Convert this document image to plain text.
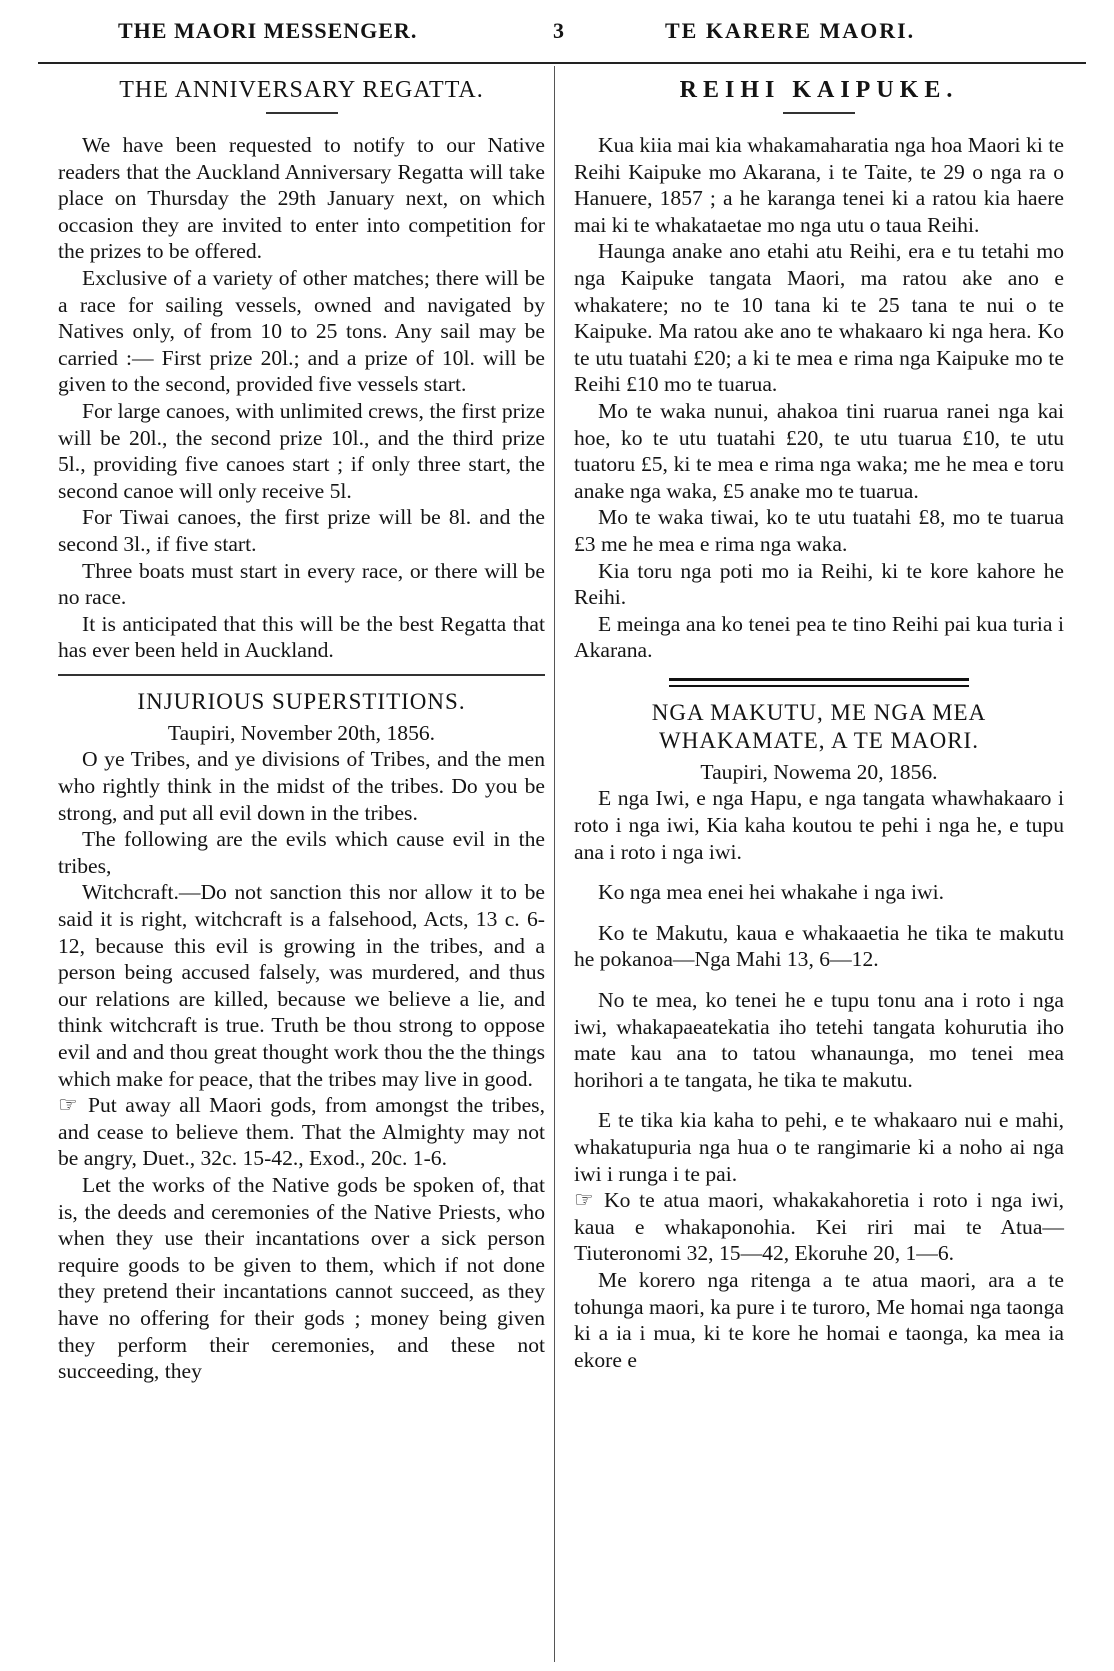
THE MAORI MESSENGER.	3	TE KARERE MAORI.
THE ANNIVERSARY REGATTA.

We have been requested to notify to our Native readers that the Auckland Anniversary Regatta will take place on Thursday the 29th January next, on which occasion they are invited to enter into competition for the prizes to be offered.

Exclusive of a variety of other matches; there will be a race for sailing vessels, owned and navigated by Natives only, of from 10 to 25 tons. Any sail may be carried :— First prize 20l.; and a prize of 10l. will be given to the second, provided five vessels start.

For large canoes, with unlimited crews, the first prize will be 20l., the second prize 10l., and the third prize 5l., providing five canoes start ; if only three start, the second canoe will only receive 5l.

For Tiwai canoes, the first prize will be 8l. and the second 3l., if five start.

Three boats must start in every race, or there will be no race.

It is anticipated that this will be the best Regatta that has ever been held in Auckland.

INJURIOUS SUPERSTITIONS.

Taupiri, November 20th, 1856.

O ye Tribes, and ye divisions of Tribes, and the men who rightly think in the midst of the tribes. Do you be strong, and put all evil down in the tribes.

The following are the evils which cause evil in the tribes,

Witchcraft.—Do not sanction this nor allow it to be said it is right, witchcraft is a falsehood, Acts, 13 c. 6-12, because this evil is growing in the tribes, and a person being accused falsely, was murdered, and thus our relations are killed, because we believe a lie, and think witchcraft is true. Truth be thou strong to oppose evil and and thou great thought work thou the the things which make for peace, that the tribes may live in good.

☞ Put away all Maori gods, from amongst the tribes, and cease to believe them. That the Almighty may not be angry, Duet., 32c. 15-42., Exod., 20c. 1-6.

Let the works of the Native gods be spoken of, that is, the deeds and ceremonies of the Native Priests, who when they use their incantations over a sick person require goods to be given to them, which if not done they pretend their incantations cannot succeed, as they have no offering for their gods ; money being given they perform their ceremonies, and these not succeeding, they

REIHI KAIPUKE.

Kua kiia mai kia whakamaharatia nga hoa Maori ki te Reihi Kaipuke mo Akarana, i te Taite, te 29 o nga ra o Hanuere, 1857 ; a he karanga tenei ki a ratou kia haere mai ki te whakataetae mo nga utu o taua Reihi.

Haunga anake ano etahi atu Reihi, era e tu tetahi mo nga Kaipuke tangata Maori, ma ratou ake ano e whakatere; no te 10 tana ki te 25 tana te nui o te Kaipuke. Ma ratou ake ano te whakaaro ki nga hera. Ko te utu tuatahi £20; a ki te mea e rima nga Kaipuke mo te Reihi £10 mo te tuarua.

Mo te waka nunui, ahakoa tini ruarua ranei nga kai hoe, ko te utu tuatahi £20, te utu tuarua £10, te utu tuatoru £5, ki te mea e rima nga waka; me he mea e toru anake nga waka, £5 anake mo te tuarua.

Mo te waka tiwai, ko te utu tuatahi £8, mo te tuarua £3 me he mea e rima nga waka.

Kia toru nga poti mo ia Reihi, ki te kore kahore he Reihi.

E meinga ana ko tenei pea te tino Reihi pai kua turia i Akarana.

NGA MAKUTU, ME NGA MEA WHAKAMATE, A TE MAORI.

Taupiri, Nowema 20, 1856.

E nga Iwi, e nga Hapu, e nga tangata whawhakaaro i roto i nga iwi, Kia kaha koutou te pehi i nga he, e tupu ana i roto i nga iwi.

Ko nga mea enei hei whakahe i nga iwi.

Ko te Makutu, kaua e whakaaetia he tika te makutu he pokanoa—Nga Mahi 13, 6—12.

No te mea, ko tenei he e tupu tonu ana i roto i nga iwi, whakapaeatekatia iho tetehi tangata kohurutia iho mate kau ana to tatou whanaunga, mo tenei mea horihori a te tangata, he tika te makutu.

E te tika kia kaha to pehi, e te whakaaro nui e mahi, whakatupuria nga hua o te rangimarie ki a noho ai nga iwi i runga i te pai.

☞ Ko te atua maori, whakakahoretia i roto i nga iwi, kaua e whakaponohia. Kei riri mai te Atua—Tiuteronomi 32, 15—42, Ekoruhe 20, 1—6.

Me korero nga ritenga a te atua maori, ara a te tohunga maori, ka pure i te turoro, Me homai nga taonga ki a ia i mua, ki te kore he homai e taonga, ka mea ia ekore e
